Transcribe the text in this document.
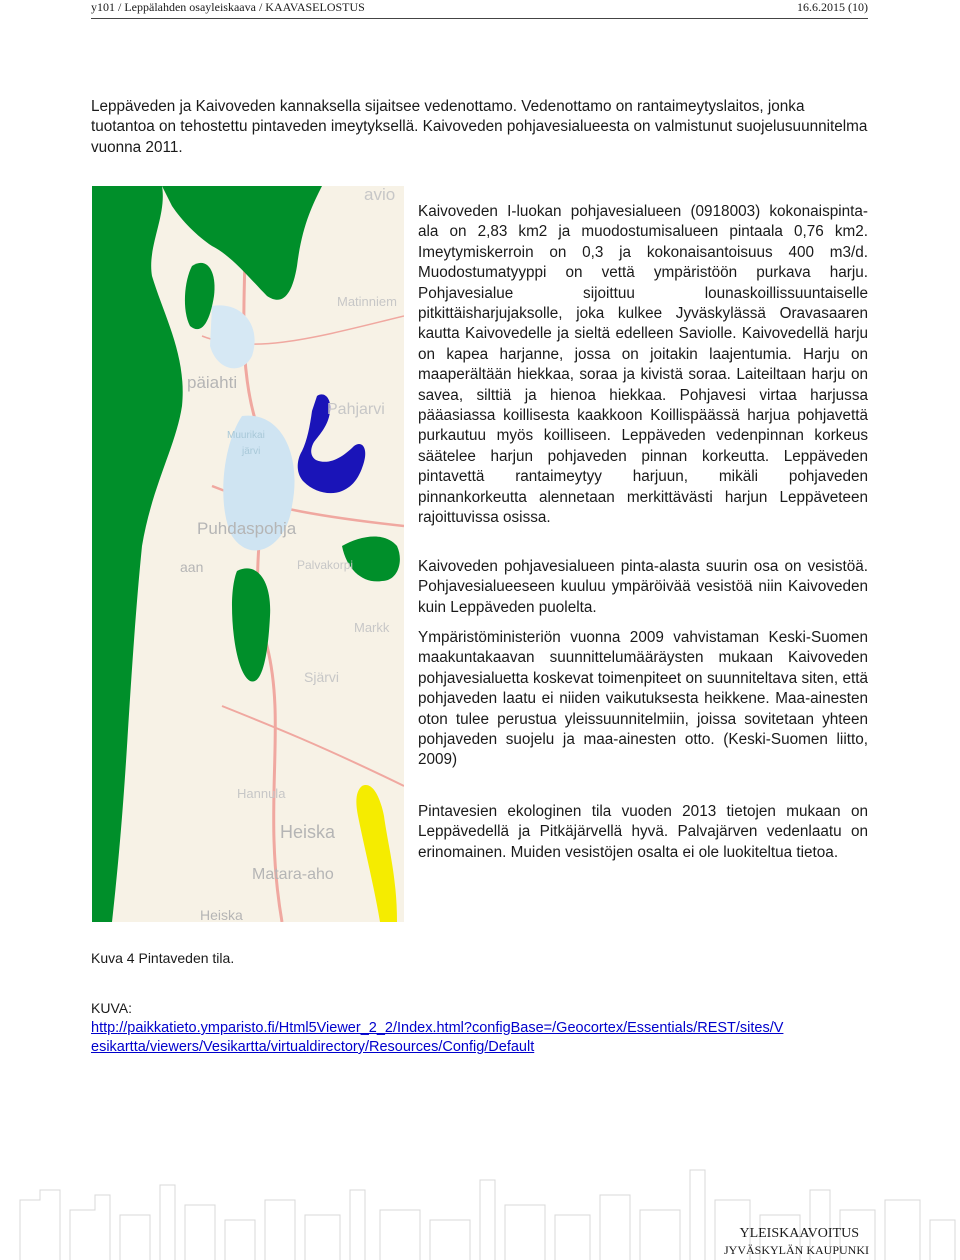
y101 / Leppälahden osayleiskaava / KAAVASELOSTUS	16.6.2015 (10)

Leppäveden ja Kaivoveden kannaksella sijaitsee vedenottamo. Vedenottamo on rantaimeytyslaitos, jonka tuotantoa on tehostettu pintaveden imeytyksellä. Kaivoveden pohjavesialueesta on valmistunut suojelusuunnitelma vuonna 2011.

avio
Matinniem
päiahti
Pahjarvi
Muurikai
järvi
Puhdaspohja
Palvakorpi
Markk
Sjärvi
Hannula
Heiska
Matara-aho
Heiska
aan

Kaivoveden I-luokan pohjavesialueen (0918003) kokonaispinta-ala on 2,83 km2 ja muodostumisalueen pintaala 0,76 km2. Imeytymiskerroin on 0,3 ja kokonaisantoisuus 400 m3/d. Muodostumatyyppi on vettä ympäristöön purkava harju. Pohjavesialue sijoittuu lounaskoillissuuntaiselle pitkittäisharjujaksolle, joka kulkee Jyväskylässä Oravasaaren kautta Kaivovedelle ja sieltä edelleen Saviolle. Kaivovedellä harju on kapea harjanne, jossa on joitakin laajentumia. Harju on maaperältään hiekkaa, soraa ja kivistä soraa. Laiteiltaan harju on savea, silttiä ja hienoa hiekkaa. Pohjavesi virtaa harjussa pääasiassa koillisesta kaakkoon Koillispäässä harjua pohjavettä purkautuu myös koilliseen. Leppäveden vedenpinnan korkeus säätelee harjun pohjaveden pinnan korkeutta. Leppäveden pintavettä rantaimeytyy harjuun, mikäli pohjaveden pinnankorkeutta alennetaan merkittävästi harjun Leppäveteen rajoittuvissa osissa.

Kaivoveden pohjavesialueen pinta-alasta suurin osa on vesistöä. Pohjavesialueeseen kuuluu ympäröivää vesistöä niin Kaivoveden kuin Leppäveden puolelta.

Ympäristöministeriön vuonna 2009 vahvistaman Keski-Suomen maakuntakaavan suunnittelumääräysten mukaan Kaivoveden pohjavesialuetta koskevat toimenpiteet on suunniteltava siten, että pohjaveden laatu ei niiden vaikutuksesta heikkene. Maa-ainesten oton tulee perustua yleissuunnitelmiin, joissa sovitetaan yhteen pohjaveden suojelu ja maa-ainesten otto. (Keski-Suomen liitto, 2009)

Pintavesien ekologinen tila vuoden 2013 tietojen mukaan on Leppävedellä ja Pitkäjärvellä hyvä. Palvajärven vedenlaatu on erinomainen. Muiden vesistöjen osalta ei ole luokiteltua tietoa.

Kuva 4 Pintaveden tila.
KUVA:
http://paikkatieto.ymparisto.fi/Html5Viewer_2_2/Index.html?configBase=/Geocortex/Essentials/REST/sites/V
esikartta/viewers/Vesikartta/virtualdirectory/Resources/Config/Default
YLEISKAAVOITUS
JYVÄSKYLÄN KAUPUNKI
